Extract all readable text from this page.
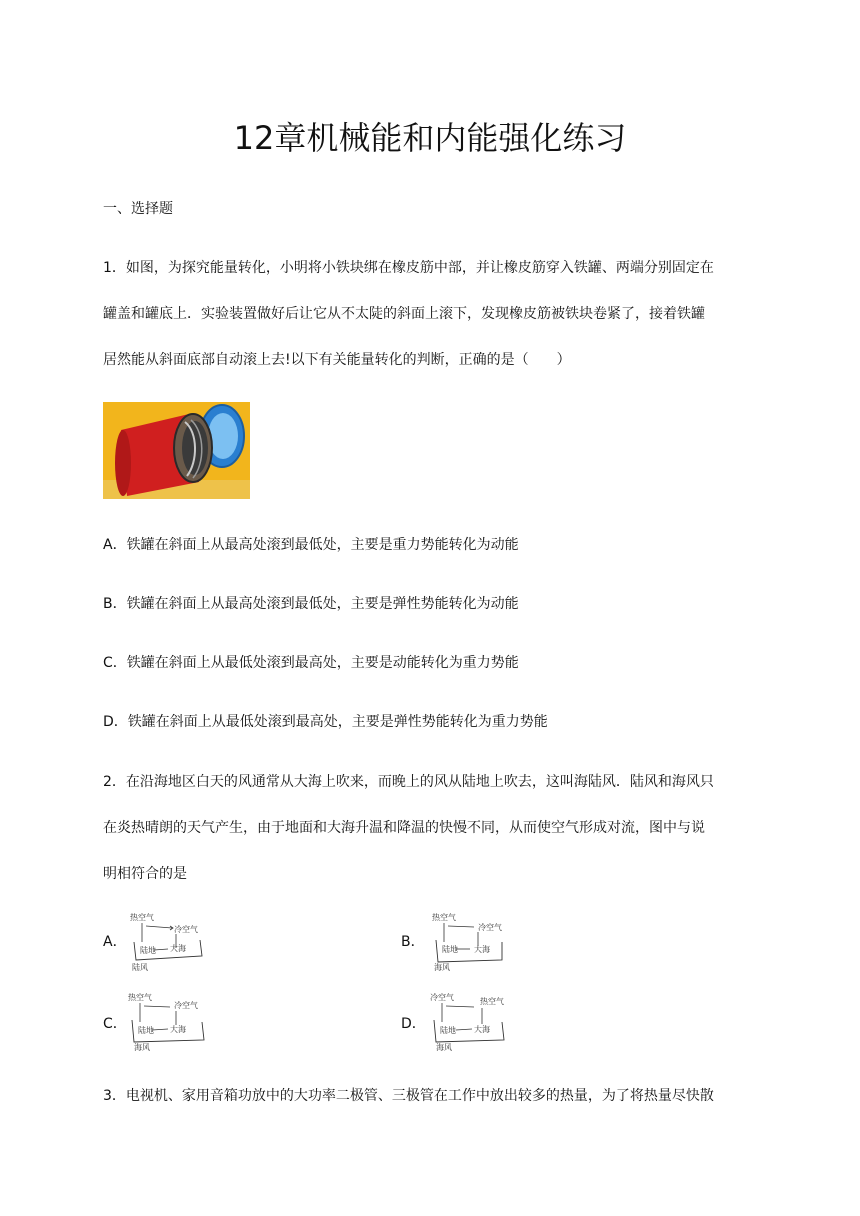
12章机械能和内能强化练习
一、选择题
1．如图，为探究能量转化，小明将小铁块绑在橡皮筋中部，并让橡皮筋穿入铁罐、两端分别固定在
罐盖和罐底上．实验装置做好后让它从不太陡的斜面上滚下，发现橡皮筋被铁块卷紧了，接着铁罐
居然能从斜面底部自动滚上去!以下有关能量转化的判断，正确的是（　　）
A．铁罐在斜面上从最高处滚到最低处，主要是重力势能转化为动能
B．铁罐在斜面上从最高处滚到最低处，主要是弹性势能转化为动能
C．铁罐在斜面上从最低处滚到最高处，主要是动能转化为重力势能
D．铁罐在斜面上从最低处滚到最高处，主要是弹性势能转化为重力势能
2．在沿海地区白天的风通常从大海上吹来，而晚上的风从陆地上吹去，这叫海陆风．陆风和海风只
在炎热晴朗的天气产生，由于地面和大海升温和降温的快慢不同，从而使空气形成对流，图中与说
明相符合的是
A．
热空气
冷空气
陆地 大海
陆风
B．
热空气
冷空气
陆地 大海
海风
C．
热空气
冷空气
陆地 大海
海风
D．
冷空气	热空气
陆地 大海
海风
3．电视机、家用音箱功放中的大功率二极管、三极管在工作中放出较多的热量，为了将热量尽快散
